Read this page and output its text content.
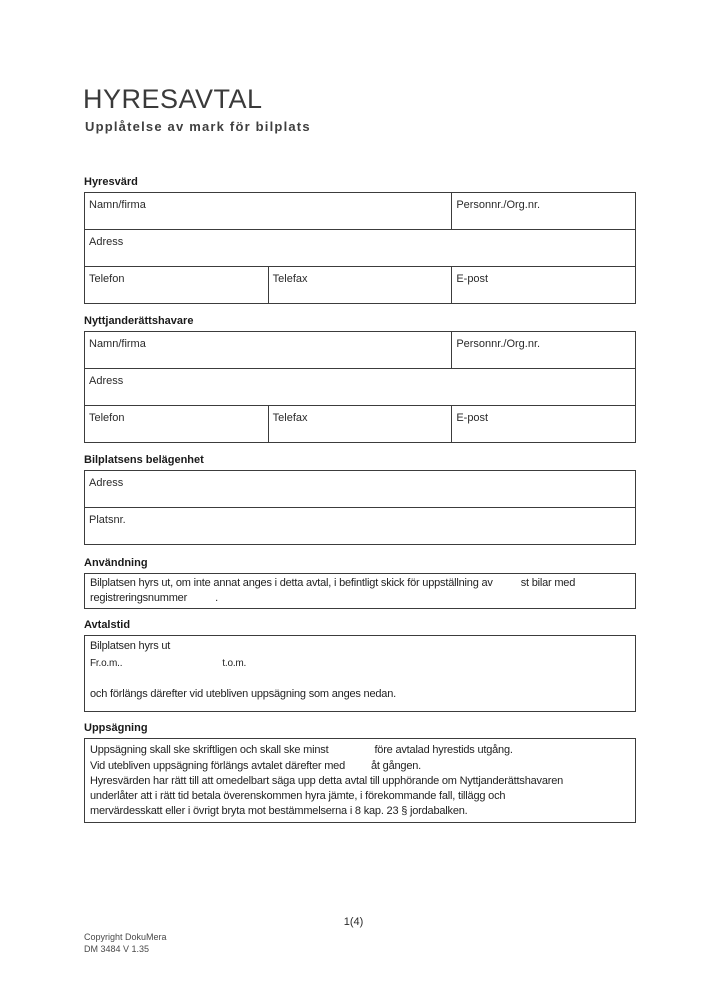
HYRESAVTAL
Upplåtelse av mark för bilplats
Hyresvärd
Namn/firma		Personnr./Org.nr.
Adress		
Telefon	Telefax	E-post
Nyttjanderättshavare
Namn/firma		Personnr./Org.nr.
Adress		
Telefon	Telefax	E-post
Bilplatsens belägenhet
Adress
Platsnr.
Användning
Bilplatsen hyrs ut, om inte annat anges i detta avtal, i befintligt skick för uppställning av	st bilar med
registreringsnummer	.
Avtalstid
Bilplatsen hyrs ut
Fr.o.m..	t.o.m.
och förlängs därefter vid utebliven uppsägning som anges nedan.
Uppsägning
Uppsägning skall ske skriftligen och skall ske minst	före avtalad hyrestids utgång.
Vid utebliven uppsägning förlängs avtalet därefter med åt gången.
Hyresvärden har rätt till att omedelbart säga upp detta avtal till upphörande om Nyttjanderättshavaren
underlåter att i rätt tid betala överenskommen hyra jämte, i förekommande fall, tillägg och
mervärdesskatt eller i övrigt bryta mot bestämmelserna i 8 kap. 23 § jordabalken.
1(4)
Copyright DokuMera
DM 3484 V 1.35
